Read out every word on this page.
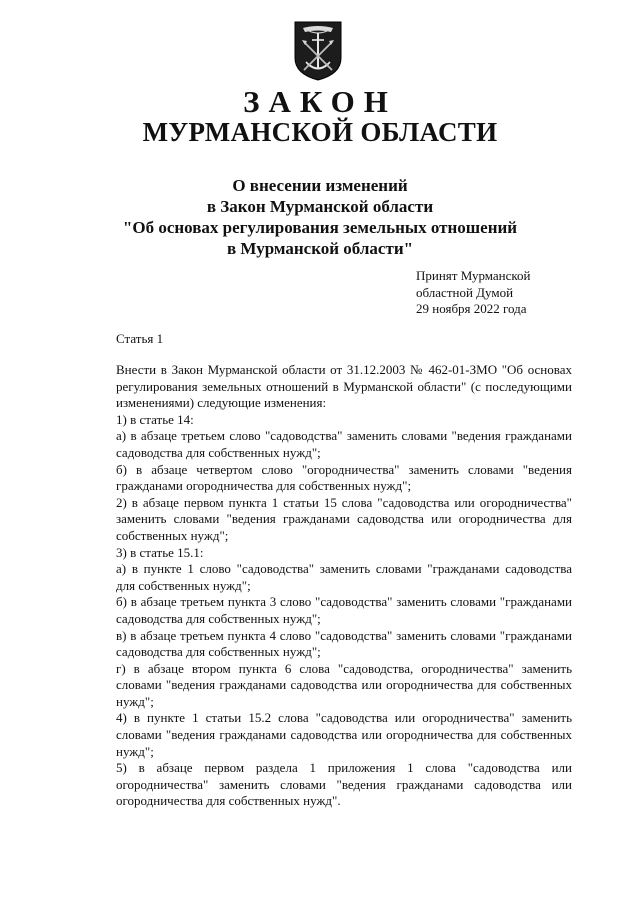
ЗАКОН
МУРМАНСКОЙ ОБЛАСТИ
О внесении изменений
в Закон Мурманской области
"Об основах регулирования земельных отношений
в Мурманской области"
Принят Мурманской
областной Думой
29 ноября 2022 года
Статья 1

Внести в Закон Мурманской области от 31.12.2003 № 462-01-ЗМО "Об основах
регулирования земельных отношений в Мурманской области" (с последующими
изменениями) следующие изменения:

1) в статье 14:

а) в абзаце третьем слово "садоводства" заменить словами "ведения гражданами
садоводства для собственных нужд";

б) в абзаце четвертом слово "огородничества" заменить словами "ведения
гражданами огородничества для собственных нужд";

2) в абзаце первом пункта 1 статьи 15 слова "садоводства или огородничества"
заменить словами "ведения гражданами садоводства или огородничества для
собственных нужд";

3) в статье 15.1:

а) в пункте 1 слово "садоводства" заменить словами "гражданами садоводства
для собственных нужд";

б) в абзаце третьем пункта 3 слово "садоводства" заменить словами "гражданами
садоводства для собственных нужд";

в) в абзаце третьем пункта 4 слово "садоводства" заменить словами "гражданами
садоводства для собственных нужд";

г) в абзаце втором пункта 6 слова "садоводства, огородничества" заменить
словами "ведения гражданами садоводства или огородничества для собственных
нужд";

4) в пункте 1 статьи 15.2 слова "садоводства или огородничества" заменить
словами "ведения гражданами садоводства или огородничества для собственных
нужд";

5) в абзаце первом раздела 1 приложения 1 слова "садоводства или
огородничества" заменить словами "ведения гражданами садоводства или
огородничества для собственных нужд".
